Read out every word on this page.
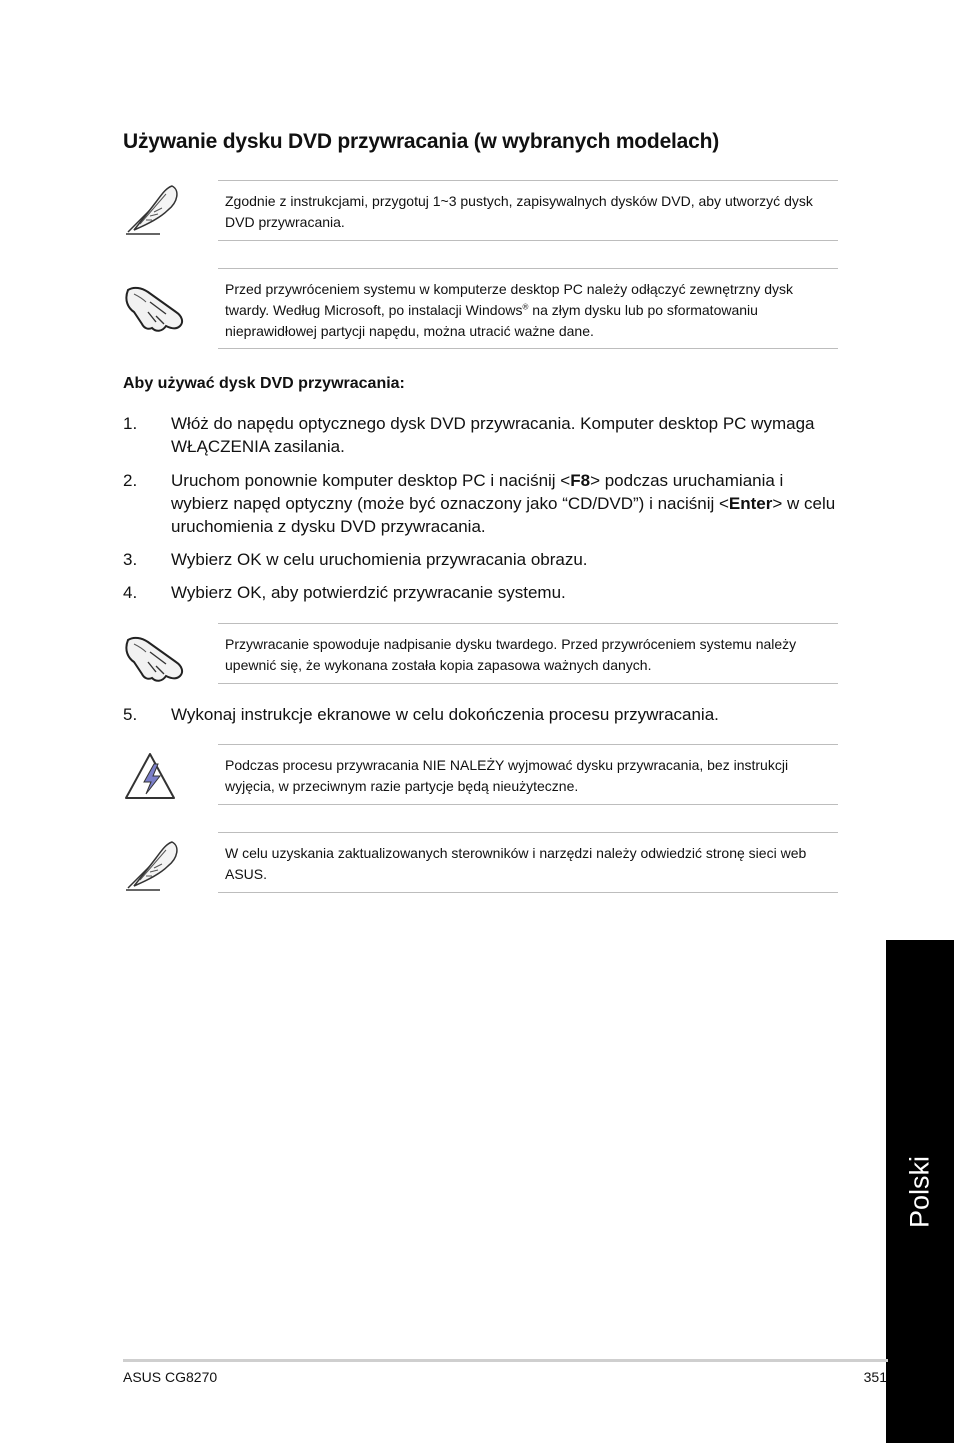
Używanie dysku DVD przywracania (w wybranych modelach)
Zgodnie z instrukcjami, przygotuj 1~3 pustych, zapisywalnych dysków DVD, aby utworzyć dysk DVD przywracania.
Przed przywróceniem systemu w komputerze desktop PC należy odłączyć zewnętrzny dysk twardy. Według Microsoft, po instalacji Windows® na złym dysku lub po sformatowaniu nieprawidłowej partycji napędu, można utracić ważne dane.
Aby używać dysk DVD przywracania:
1. Włóż do napędu optycznego dysk DVD przywracania. Komputer desktop PC wymaga WŁĄCZENIA zasilania.
2. Uruchom ponownie komputer desktop PC i naciśnij <F8> podczas uruchamiania i wybierz napęd optyczny (może być oznaczony jako “CD/DVD”) i naciśnij <Enter> w celu uruchomienia z dysku DVD przywracania.
3. Wybierz OK w celu uruchomienia przywracania obrazu.
4. Wybierz OK, aby potwierdzić przywracanie systemu.
Przywracanie spowoduje nadpisanie dysku twardego. Przed przywróceniem systemu należy upewnić się, że wykonana została kopia zapasowa ważnych danych.
5. Wykonaj instrukcje ekranowe w celu dokończenia procesu przywracania.
Podczas procesu przywracania NIE NALEŻY wyjmować dysku przywracania, bez instrukcji wyjęcia, w przeciwnym razie partycje będą nieużyteczne.
W celu uzyskania zaktualizowanych sterowników i narzędzi należy odwiedzić stronę sieci web ASUS.
Polski
ASUS CG8270	351
